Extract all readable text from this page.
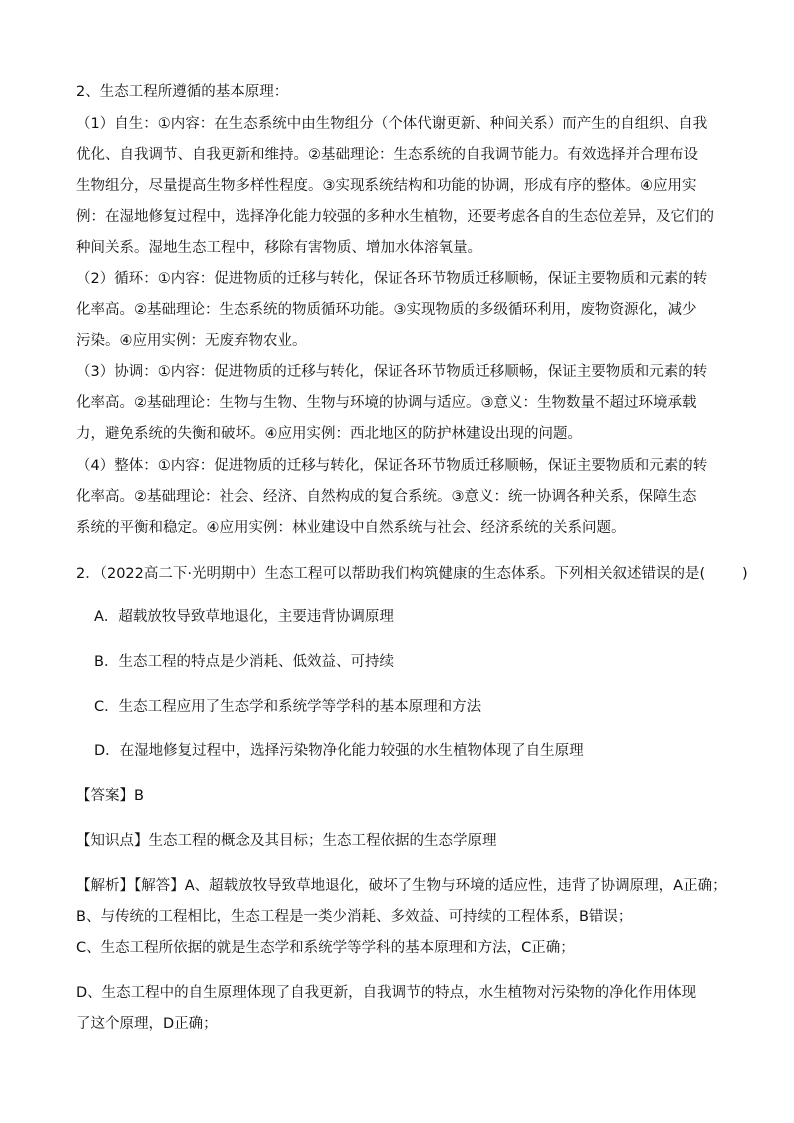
2、生态工程所遵循的基本原理：

（1）自生：①内容：在生态系统中由生物组分（个体代谢更新、种间关系）而产生的自组织、自我

优化、自我调节、自我更新和维持。②基础理论：生态系统的自我调节能力。有效选择并合理布设

生物组分，尽量提高生物多样性程度。③实现系统结构和功能的协调，形成有序的整体。④应用实

例：在湿地修复过程中，选择净化能力较强的多种水生植物，还要考虑各自的生态位差异，及它们的

种间关系。湿地生态工程中，移除有害物质、增加水体溶氧量。

（2）循环：①内容：促进物质的迁移与转化，保证各环节物质迁移顺畅，保证主要物质和元素的转

化率高。②基础理论：生态系统的物质循环功能。③实现物质的多级循环利用，废物资源化，减少

污染。④应用实例：无废弃物农业。

（3）协调：①内容：促进物质的迁移与转化，保证各环节物质迁移顺畅，保证主要物质和元素的转

化率高。②基础理论：生物与生物、生物与环境的协调与适应。③意义：生物数量不超过环境承载

力，避免系统的失衡和破坏。④应用实例：西北地区的防护林建设出现的问题。

（4）整体：①内容：促进物质的迁移与转化，保证各环节物质迁移顺畅，保证主要物质和元素的转

化率高。②基础理论：社会、经济、自然构成的复合系统。③意义：统一协调各种关系，保障生态

系统的平衡和稳定。④应用实例：林业建设中自然系统与社会、经济系统的关系问题。

2．（2022高二下·光明期中）生态工程可以帮助我们构筑健康的生态体系。下列相关叙述错误的是(        )

A．超载放牧导致草地退化，主要违背协调原理

B．生态工程的特点是少消耗、低效益、可持续

C．生态工程应用了生态学和系统学等学科的基本原理和方法

D．在湿地修复过程中，选择污染物净化能力较强的水生植物体现了自生原理

【答案】B

【知识点】生态工程的概念及其目标；生态工程依据的生态学原理

【解析】【解答】A、超载放牧导致草地退化，破坏了生物与环境的适应性，违背了协调原理，A正确；

B、与传统的工程相比，生态工程是一类少消耗、多效益、可持续的工程体系，B错误；

C、生态工程所依据的就是生态学和系统学等学科的基本原理和方法，C正确；

D、生态工程中的自生原理体现了自我更新，自我调节的特点，水生植物对污染物的净化作用体现

了这个原理，D正确；
